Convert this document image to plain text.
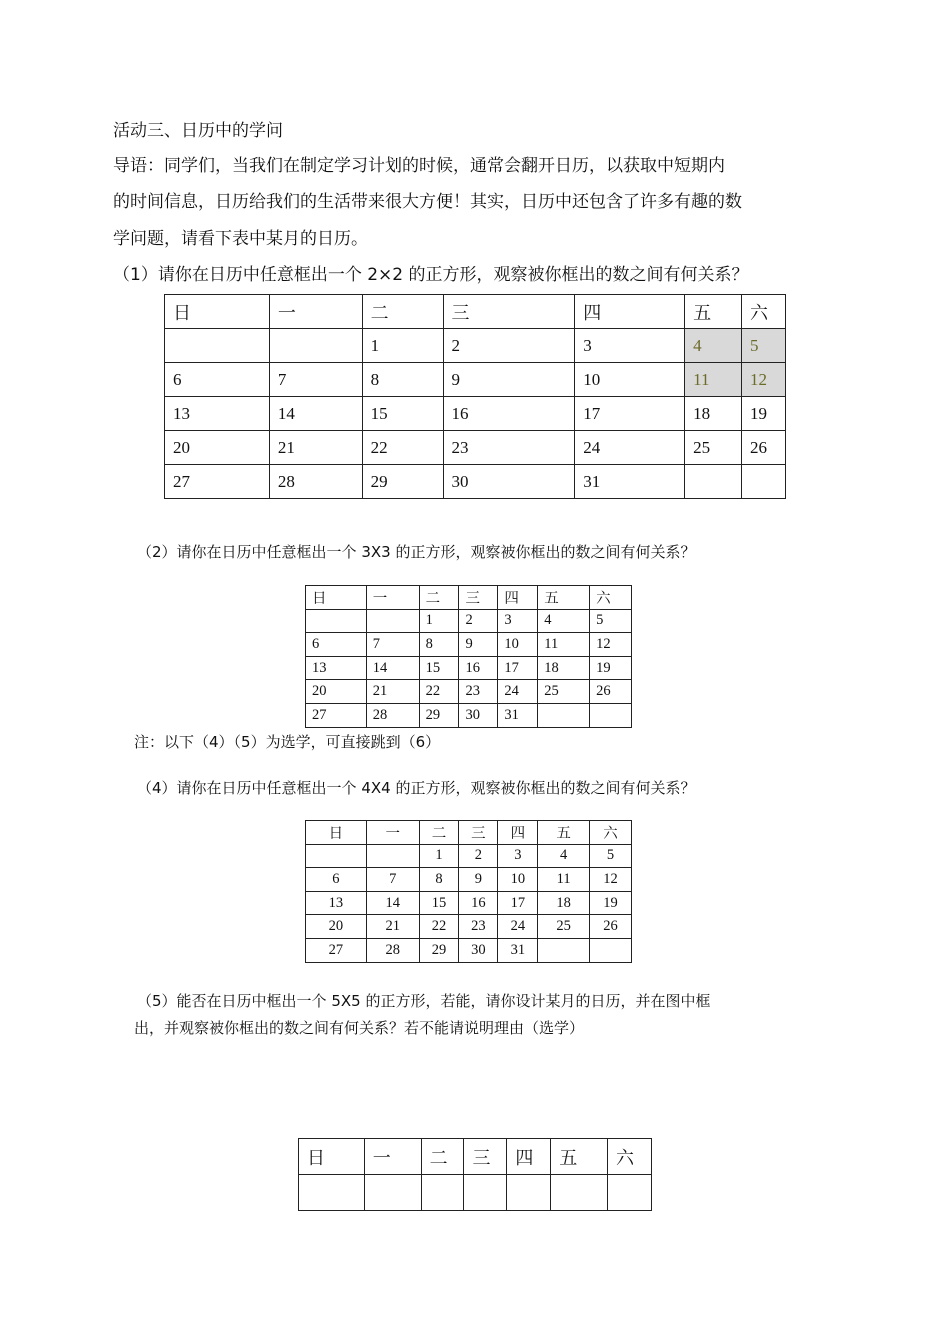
活动三、日历中的学问
导语：同学们，当我们在制定学习计划的时候，通常会翻开日历，以获取中短期内
的时间信息，日历给我们的生活带来很大方便！其实，日历中还包含了许多有趣的数
学问题，请看下表中某月的日历。
（1）请你在日历中任意框出一个 2×2 的正方形，观察被你框出的数之间有何关系？
日	一	二	三	四	五	六
		1	2	3	4	5
6	7	8	9	10	11	12
13	14	15	16	17	18	19
20	21	22	23	24	25	26
27	28	29	30	31		
（2）请你在日历中任意框出一个 3X3 的正方形，观察被你框出的数之间有何关系？
日	一	二	三	四	五	六
		1	2	3	4	5
6	7	8	9	10	11	12
13	14	15	16	17	18	19
20	21	22	23	24	25	26
27	28	29	30	31		
注：以下（4）（5）为选学，可直接跳到（6）
（4）请你在日历中任意框出一个 4X4 的正方形，观察被你框出的数之间有何关系？
日	一	二	三	四	五	六
		1	2	3	4	5
6	7	8	9	10	11	12
13	14	15	16	17	18	19
20	21	22	23	24	25	26
27	28	29	30	31		
（5）能否在日历中框出一个 5X5 的正方形，若能，请你设计某月的日历，并在图中框
出，并观察被你框出的数之间有何关系？若不能请说明理由（选学）
日	一	二	三	四	五	六
